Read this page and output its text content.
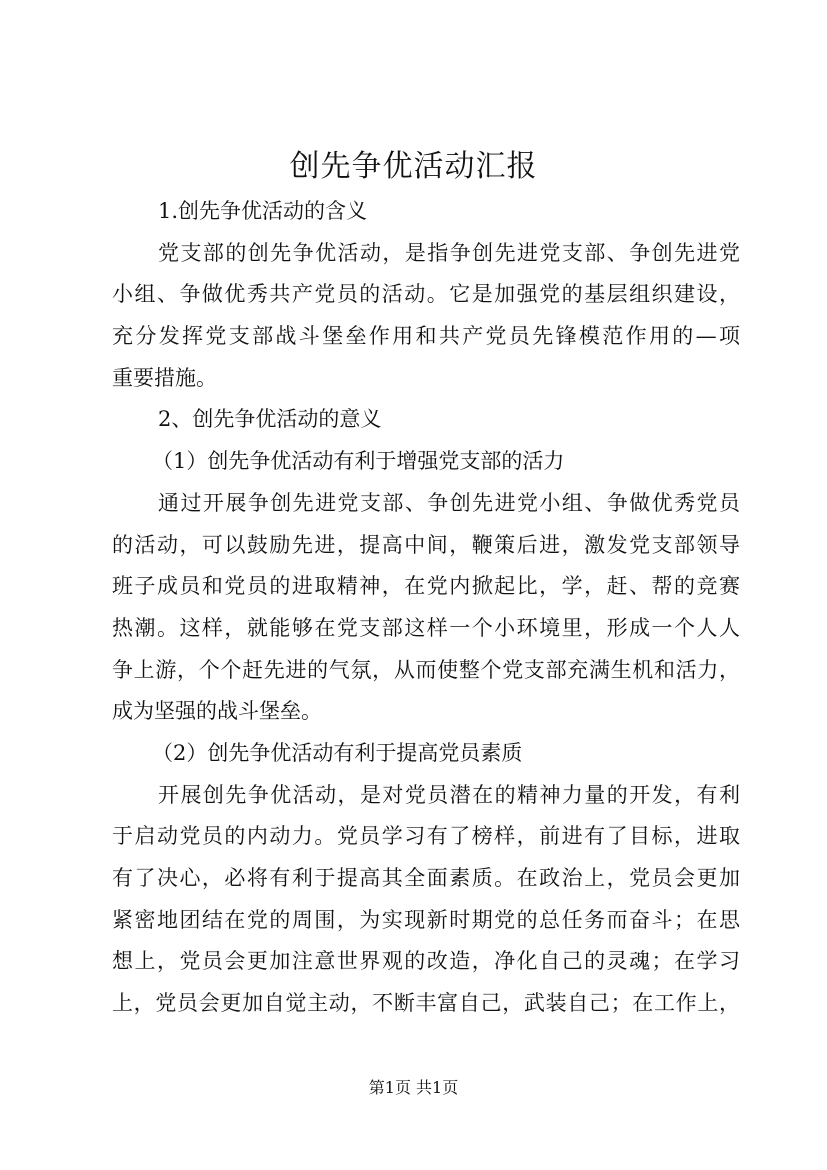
创先争优活动汇报
1.创先争优活动的含义
党支部的创先争优活动，是指争创先进党支部、争创先进党
小组、争做优秀共产党员的活动。它是加强党的基层组织建设，
充分发挥党支部战斗堡垒作用和共产党员先锋模范作用的—项
重要措施。
2、创先争优活动的意义
（1）创先争优活动有利于增强党支部的活力
通过开展争创先进党支部、争创先进党小组、争做优秀党员
的活动，可以鼓励先进，提高中间，鞭策后进，激发党支部领导
班子成员和党员的进取精神，在党内掀起比，学，赶、帮的竞赛
热潮。这样，就能够在党支部这样一个小环境里，形成一个人人
争上游，个个赶先进的气氛，从而使整个党支部充满生机和活力，
成为坚强的战斗堡垒。
（2）创先争优活动有利于提高党员素质
开展创先争优活动，是对党员潜在的精神力量的开发，有利
于启动党员的内动力。党员学习有了榜样，前进有了目标，进取
有了决心，必将有利于提高其全面素质。在政治上，党员会更加
紧密地团结在党的周围，为实现新时期党的总任务而奋斗；在思
想上，党员会更加注意世界观的改造，净化自己的灵魂；在学习
上，党员会更加自觉主动，不断丰富自己，武装自己；在工作上，
第1页 共1页
